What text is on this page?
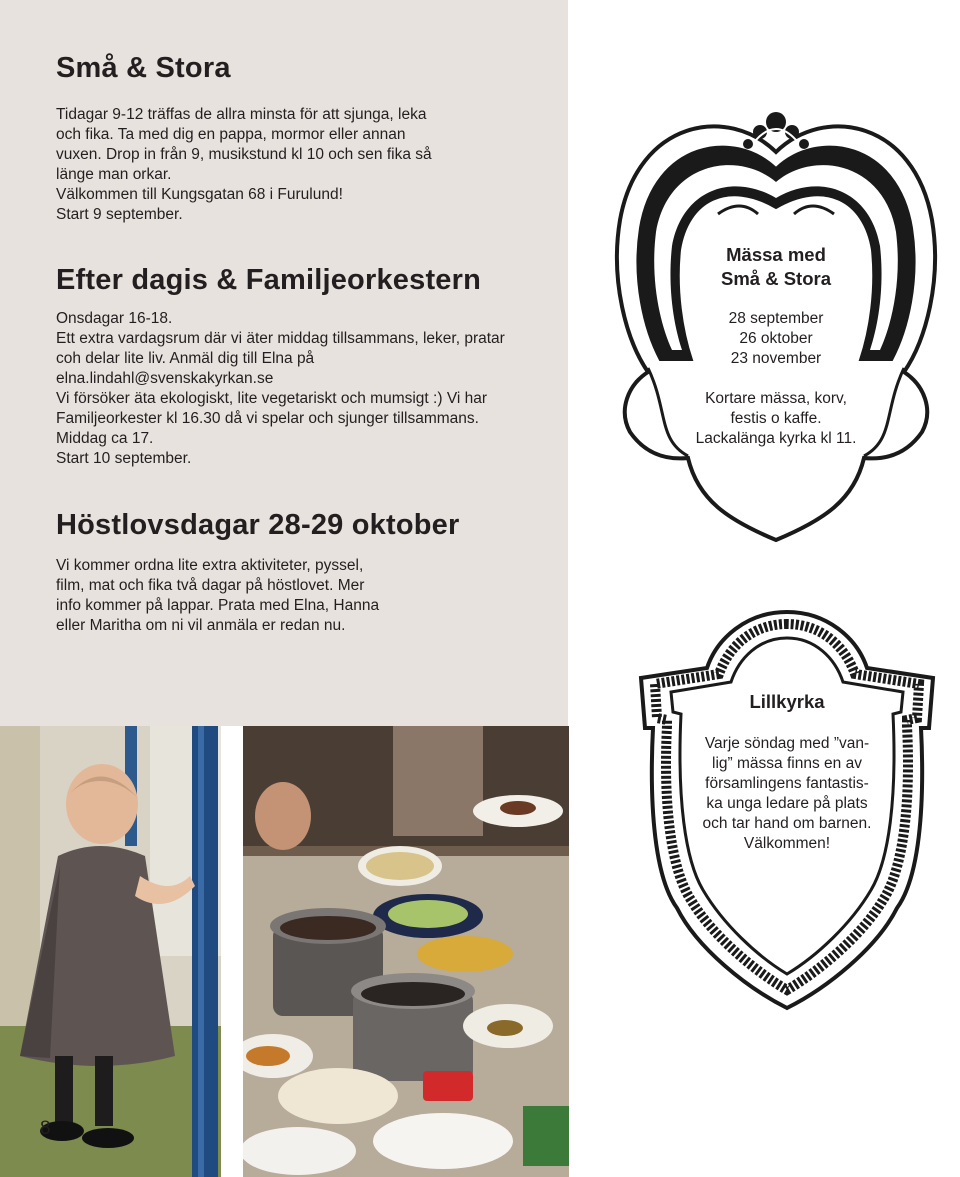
Små & Stora
Tidagar 9-12 träffas de allra minsta för att sjunga, leka
och fika. Ta med dig en pappa, mormor eller annan
vuxen. Drop in från 9, musikstund kl 10 och sen fika så
länge man orkar.
Välkommen till Kungsgatan 68 i Furulund!
Start 9 september.
Efter dagis & Familjeorkestern
Onsdagar 16-18.
Ett extra vardagsrum där vi äter middag tillsammans, leker, pratar
coh delar lite liv. Anmäl dig till Elna på
elna.lindahl@svenskakyrkan.se
Vi försöker äta ekologiskt, lite vegetariskt och mumsigt :) Vi har
Familjeorkester kl 16.30 då vi spelar och sjunger tillsammans.
Middag ca 17.
Start 10 september.
Höstlovsdagar 28-29 oktober
Vi kommer ordna lite extra aktiviteter, pyssel,
film, mat och fika två dagar på höstlovet. Mer
info kommer på lappar. Prata med Elna, Hanna
eller Maritha om ni vil anmäla er redan nu.
8
Mässa med
Små & Stora
28 september
26 oktober
23 november
Kortare mässa, korv,
festis o kaffe.
Lackalänga kyrka kl 11.
Lillkyrka
Varje söndag med ”van-
lig” mässa finns en av
församlingens fantastis-
ka unga ledare på plats
och tar hand om barnen.
Välkommen!
